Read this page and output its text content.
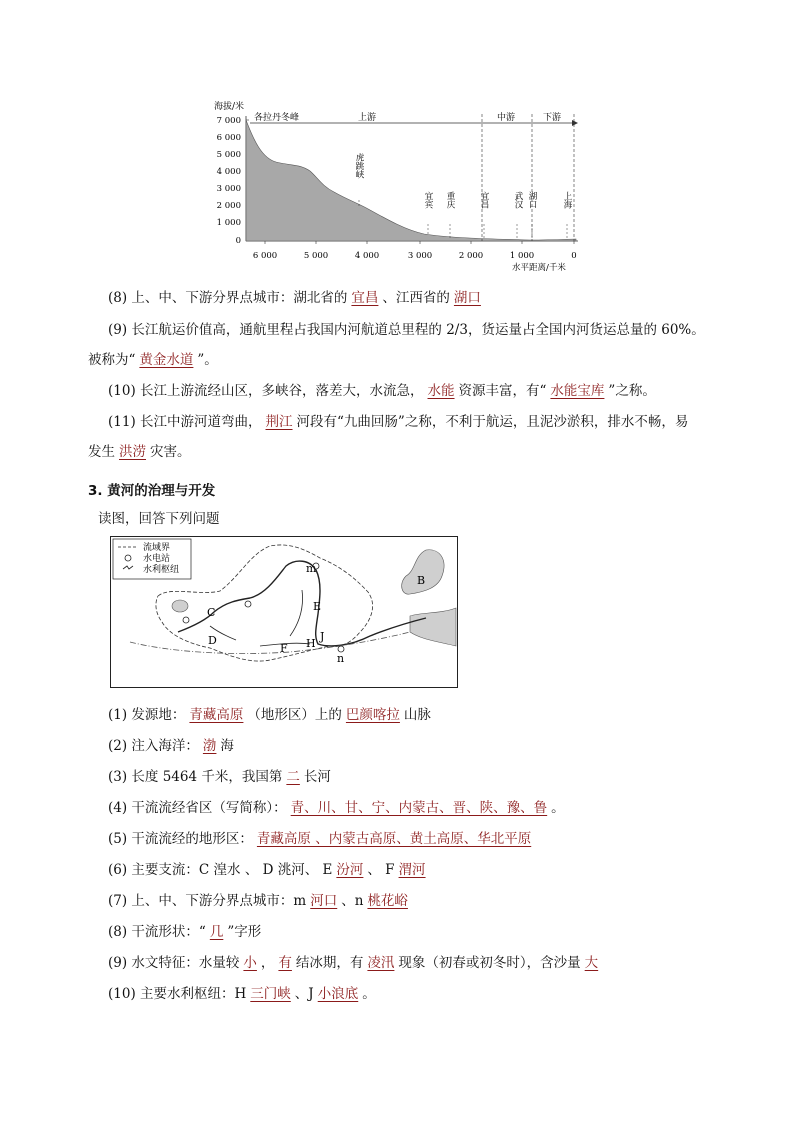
海拔/米
7 000
6 000
5 000
4 000
3 000
2 000
1 000
0
各拉丹冬峰	上游	中游	下游
虎跳峡
宜宾 重庆	宜昌	武汉 湖口	上海
6 000	5 000	4 000	3 000	2 000	1 000	0
水平距离/千米
(8) 上、中、下游分界点城市：湖北省的 宜昌 、江西省的 湖口
(9) 长江航运价值高，通航里程占我国内河航道总里程的 2/3，货运量占全国内河货运总量的 60%。
被称为“ 黄金水道 ”。
(10) 长江上游流经山区，多峡谷，落差大，水流急， 水能 资源丰富，有“ 水能宝库 ”之称。
(11) 长江中游河道弯曲， 荆江 河段有“九曲回肠”之称，不利于航运，且泥沙淤积，排水不畅，易
发生 洪涝 灾害。
3. 黄河的治理与开发
读图，回答下列问题
流域界
水电站
水利枢纽	m
B
C
D
E
F H
J
n
(1) 发源地： 青藏高原 （地形区）上的 巴颜喀拉 山脉
(2) 注入海洋： 渤 海
(3) 长度 5464 千米，我国第 二 长河
(4) 干流流经省区（写简称）： 青、川、甘、宁、内蒙古、晋、陕、豫、鲁 。
(5) 干流流经的地形区： 青藏高原 、内蒙古高原、黄土高原、华北平原
(6) 主要支流：C 湟水 、 D 洮河、 E 汾河 、 F 渭河
(7) 上、中、下游分界点城市：m 河口 、n 桃花峪
(8) 干流形状：“ 几 ”字形
(9) 水文特征：水量较 小 ， 有 结冰期，有 凌汛 现象（初春或初冬时），含沙量 大
(10) 主要水利枢纽：H 三门峡 、J 小浪底 。
